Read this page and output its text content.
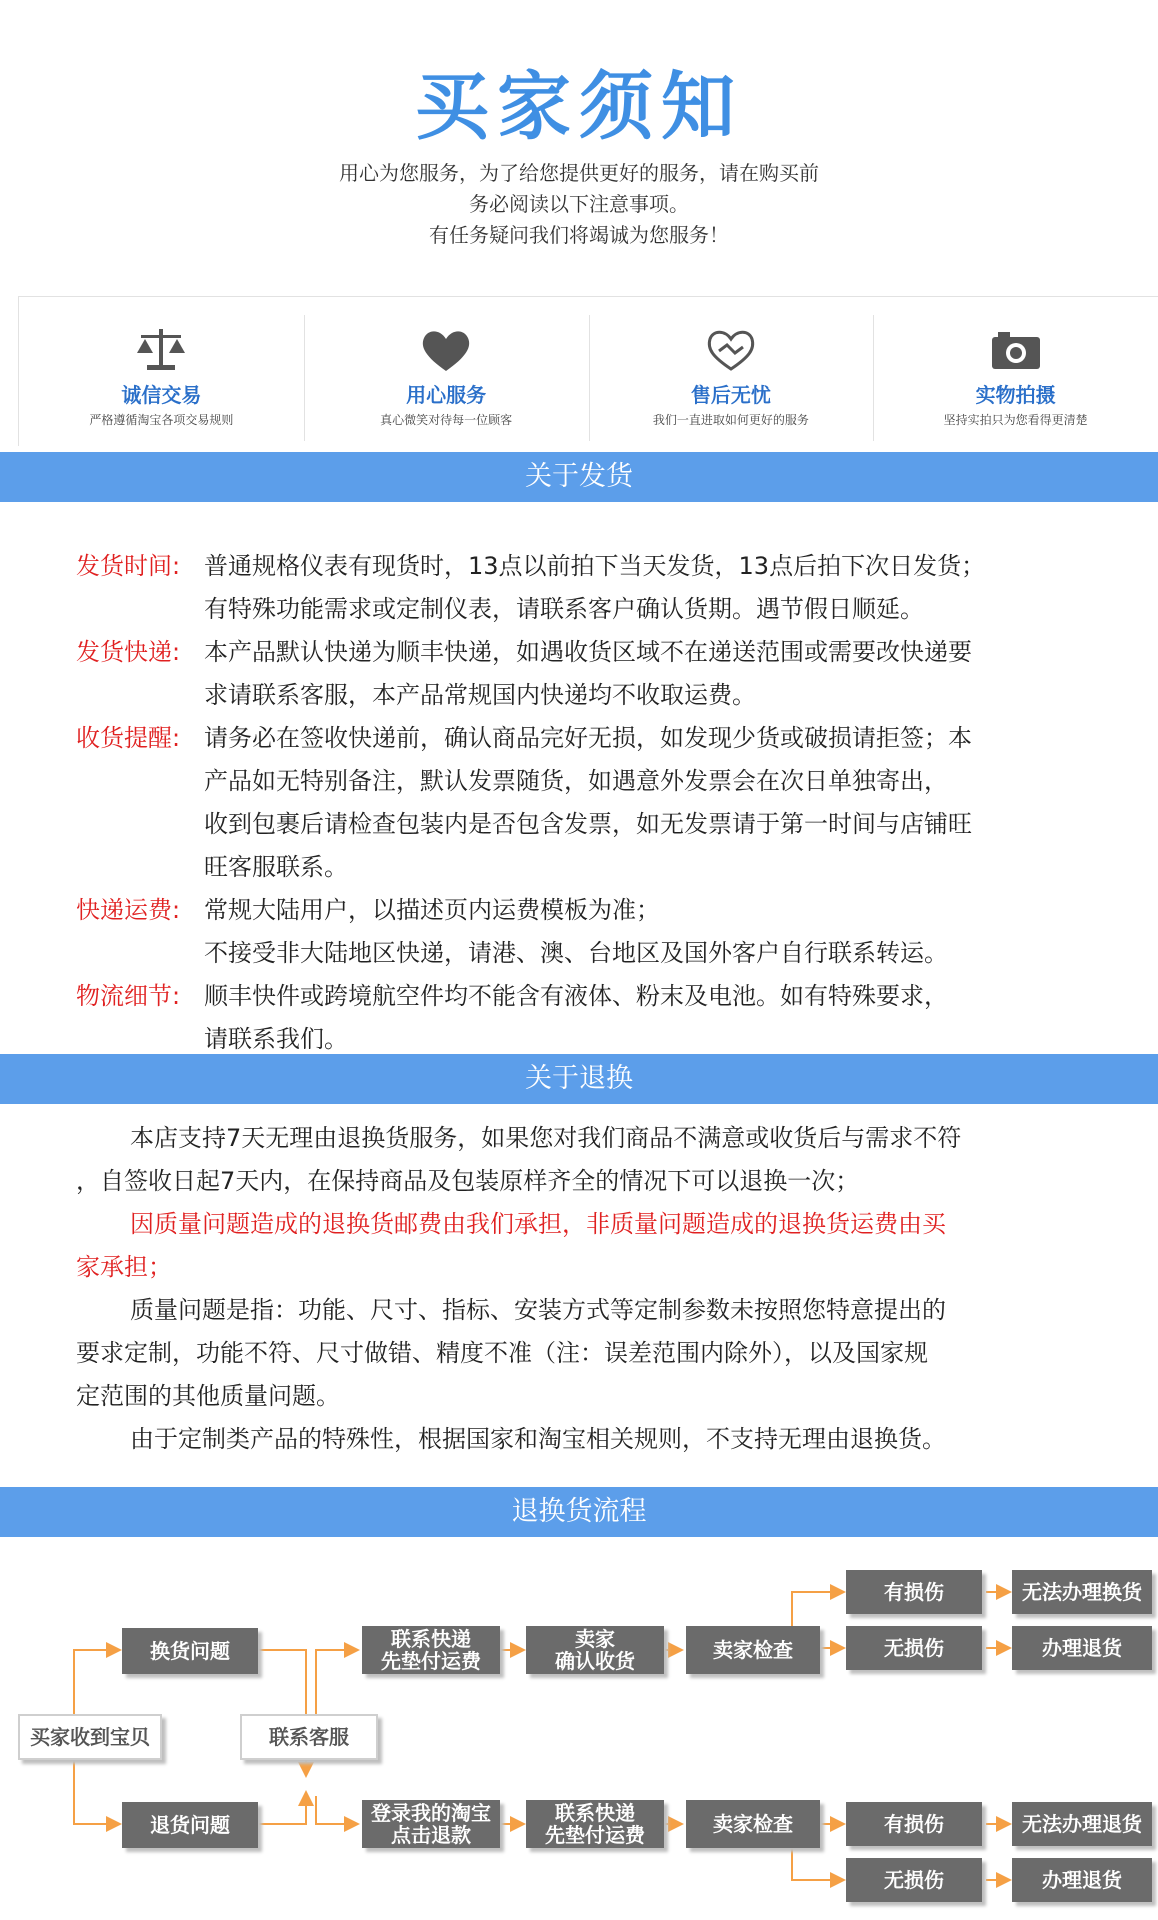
买家须知
用心为您服务，为了给您提供更好的服务，请在购买前
务必阅读以下注意事项。
有任务疑问我们将竭诚为您服务！
诚信交易
严格遵循淘宝各项交易规则
用心服务
真心微笑对待每一位顾客
售后无忧
我们一直进取如何更好的服务
实物拍摄
坚持实拍只为您看得更清楚
关于发货
发货时间: 普通规格仪表有现货时，13点以前拍下当天发货，13点后拍下次日发货；
有特殊功能需求或定制仪表，请联系客户确认货期。遇节假日顺延。
发货快递: 本产品默认快递为顺丰快递，如遇收货区域不在递送范围或需要改快递要
求请联系客服，本产品常规国内快递均不收取运费。
收货提醒: 请务必在签收快递前，确认商品完好无损，如发现少货或破损请拒签；本
产品如无特别备注，默认发票随货，如遇意外发票会在次日单独寄出，
收到包裹后请检查包装内是否包含发票，如无发票请于第一时间与店铺旺
旺客服联系。
快递运费: 常规大陆用户，以描述页内运费模板为准；
不接受非大陆地区快递，请港、澳、台地区及国外客户自行联系转运。
物流细节: 顺丰快件或跨境航空件均不能含有液体、粉末及电池。如有特殊要求，
请联系我们。
关于退换

本店支持7天无理由退换货服务，如果您对我们商品不满意或收货后与需求不符

，自签收日起7天内，在保持商品及包装原样齐全的情况下可以退换一次；

因质量问题造成的退换货邮费由我们承担，非质量问题造成的退换货运费由买

家承担；

质量问题是指：功能、尺寸、指标、安装方式等定制参数未按照您特意提出的

要求定制，功能不符、尺寸做错、精度不准（注：误差范围内除外），以及国家规

定范围的其他质量问题。

由于定制类产品的特殊性，根据国家和淘宝相关规则，不支持无理由退换货。

退换货流程
买家收到宝贝
换货问题
退货问题
联系客服
联系快递
先垫付运费
卖家
确认收货	卖家检查
有损伤
无损伤
无法办理换货
办理退货
登录我的淘宝
点击退款
联系快递
先垫付运费	卖家检查	有损伤
无损伤
无法办理退货
办理退货
